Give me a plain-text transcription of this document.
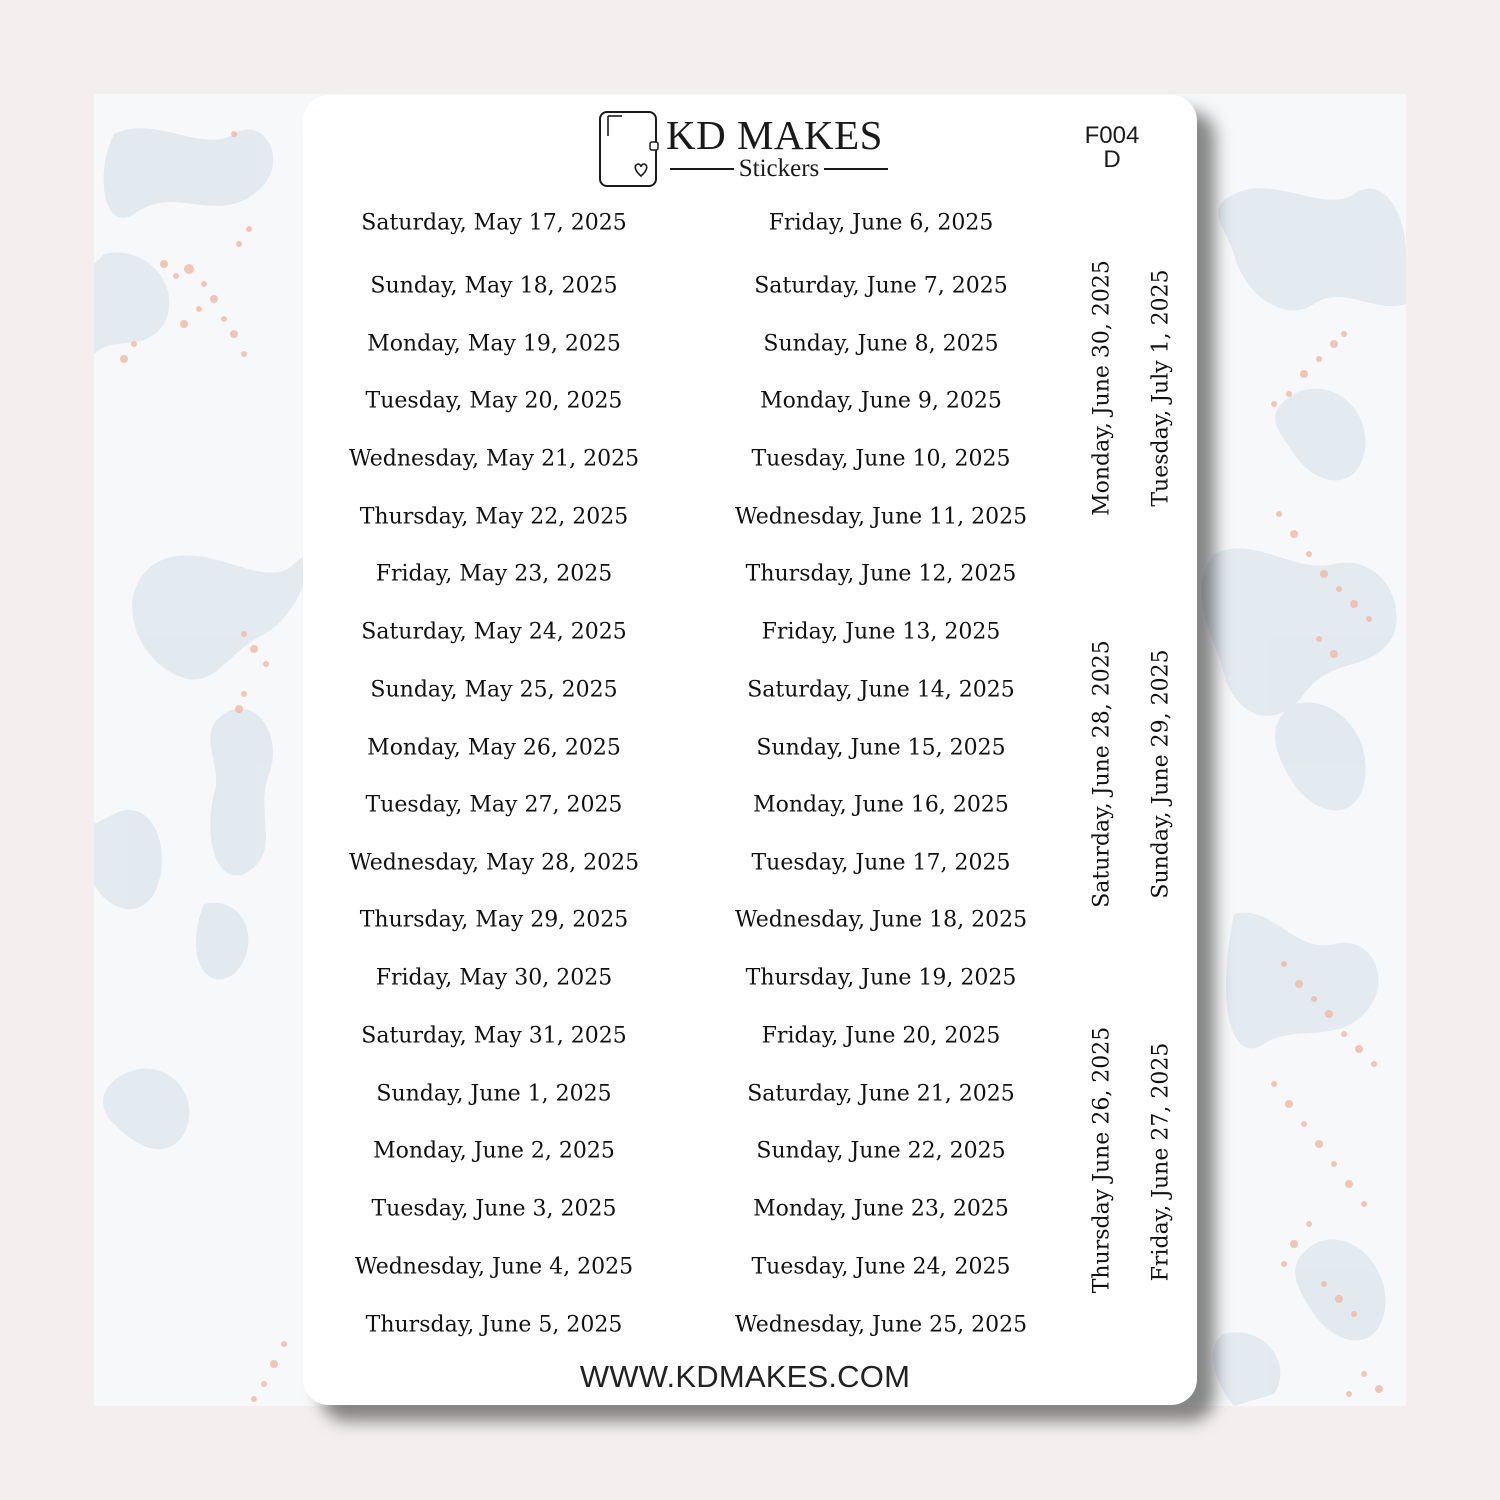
KD MAKES
Stickers
F004
D
Saturday, May 17, 2025
Sunday, May 18, 2025
Monday, May 19, 2025
Tuesday, May 20, 2025
Wednesday, May 21, 2025
Thursday, May 22, 2025
Friday, May 23, 2025
Saturday, May 24, 2025
Sunday, May 25, 2025
Monday, May 26, 2025
Tuesday, May 27, 2025
Wednesday, May 28, 2025
Thursday, May 29, 2025
Friday, May 30, 2025
Saturday, May 31, 2025
Sunday, June 1, 2025
Monday, June 2, 2025
Tuesday, June 3, 2025
Wednesday, June 4, 2025
Thursday, June 5, 2025
Friday, June 6, 2025
Saturday, June 7, 2025
Sunday, June 8, 2025
Monday, June 9, 2025
Tuesday, June 10, 2025
Wednesday, June 11, 2025
Thursday, June 12, 2025
Friday, June 13, 2025
Saturday, June 14, 2025
Sunday, June 15, 2025
Monday, June 16, 2025
Tuesday, June 17, 2025
Wednesday, June 18, 2025
Thursday, June 19, 2025
Friday, June 20, 2025
Saturday, June 21, 2025
Sunday, June 22, 2025
Monday, June 23, 2025
Tuesday, June 24, 2025
Wednesday, June 25, 2025
Monday, June 30, 2025 Tuesday, July 1, 2025
Saturday, June 28, 2025 Sunday, June 29, 2025
Thursday June 26, 2025 Friday, June 27, 2025
WWW.KDMAKES.COM
